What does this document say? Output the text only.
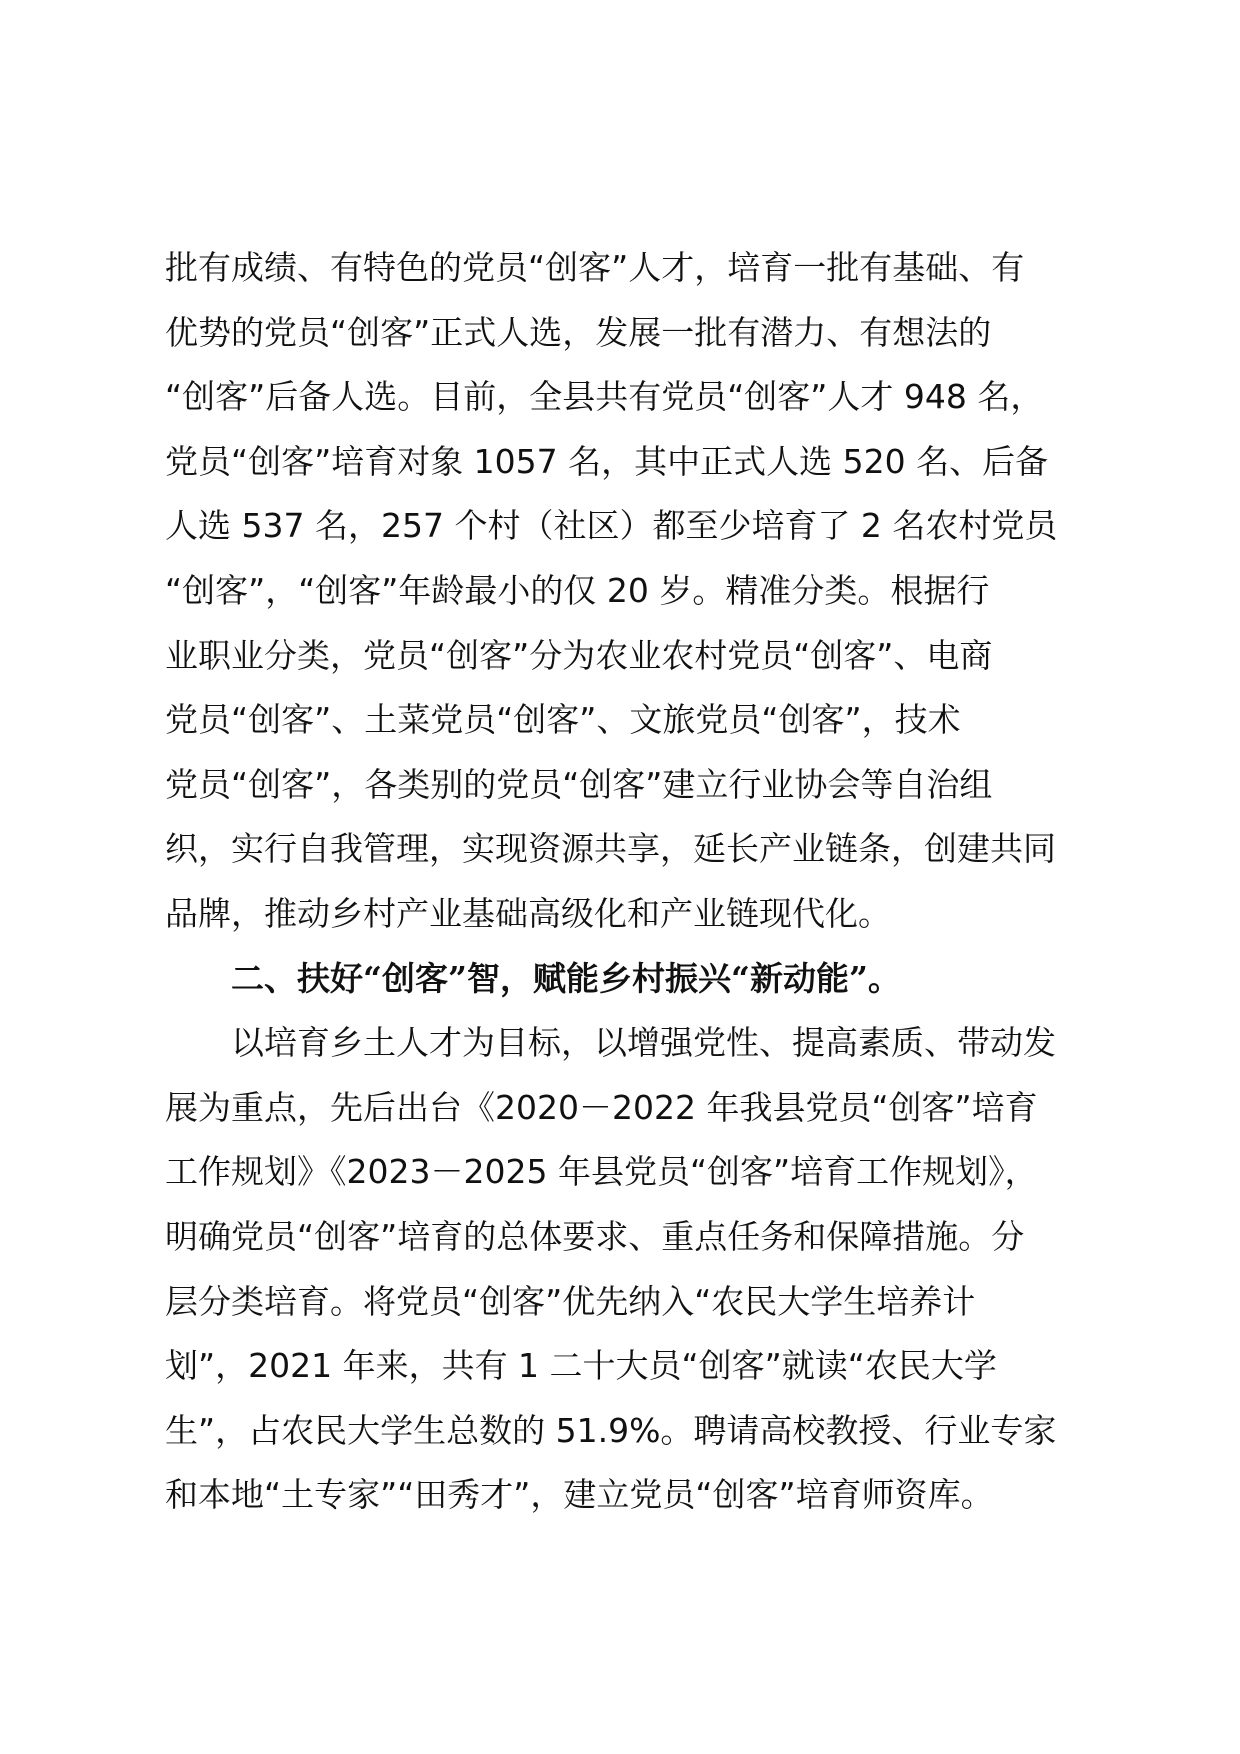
批有成绩、有特色的党员“创客”人才，培育一批有基础、有
优势的党员“创客”正式人选，发展一批有潜力、有想法的
“创客”后备人选。目前，全县共有党员“创客”人才 948 名，
党员“创客”培育对象 1057 名，其中正式人选 520 名、后备
人选 537 名，257 个村（社区）都至少培育了 2 名农村党员
“创客”，“创客”年龄最小的仅 20 岁。精准分类。根据行
业职业分类，党员“创客”分为农业农村党员“创客”、电商
党员“创客”、土菜党员“创客”、文旅党员“创客”，技术
党员“创客”，各类别的党员“创客”建立行业协会等自治组
织，实行自我管理，实现资源共享，延长产业链条，创建共同
品牌，推动乡村产业基础高级化和产业链现代化。
二、扶好“创客”智，赋能乡村振兴“新动能”。
以培育乡土人才为目标，以增强党性、提高素质、带动发
展为重点，先后出台《2020－2022 年我县党员“创客”培育
工作规划》《2023－2025 年县党员“创客”培育工作规划》，
明确党员“创客”培育的总体要求、重点任务和保障措施。分
层分类培育。将党员“创客”优先纳入“农民大学生培养计
划”，2021 年来，共有 1 二十大员“创客”就读“农民大学
生”，占农民大学生总数的 51.9%。聘请高校教授、行业专家
和本地“土专家”“田秀才”，建立党员“创客”培育师资库。
